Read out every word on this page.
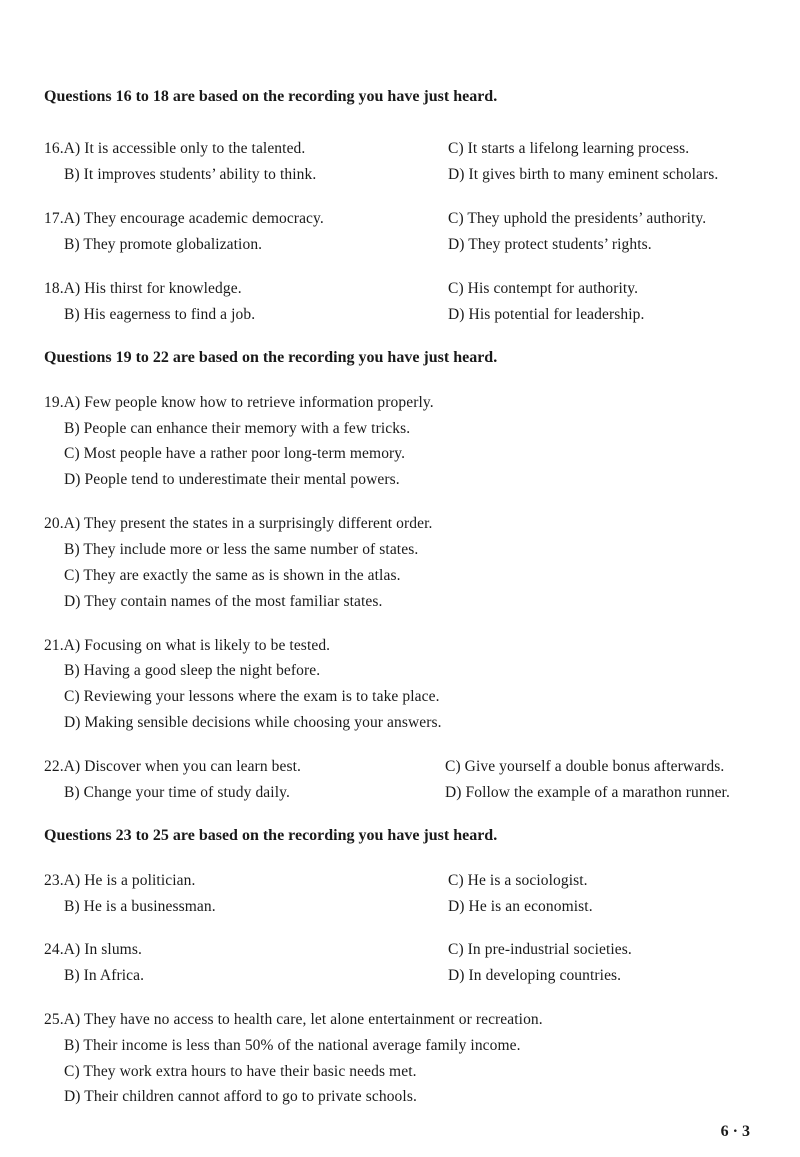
Questions 16 to 18 are based on the recording you have just heard.
16.A) It is accessible only to the talented.	C) It starts a lifelong learning process.
B) It improves students’ ability to think.	D) It gives birth to many eminent scholars.
17.A) They encourage academic democracy.	C) They uphold the presidents’ authority.
B) They promote globalization.	D) They protect students’ rights.
18.A) His thirst for knowledge.	C) His contempt for authority.
B) His eagerness to find a job.	D) His potential for leadership.
Questions 19 to 22 are based on the recording you have just heard.
19.A) Few people know how to retrieve information properly.
B) People can enhance their memory with a few tricks.
C) Most people have a rather poor long-term memory.
D) People tend to underestimate their mental powers.
20.A) They present the states in a surprisingly different order.
B) They include more or less the same number of states.
C) They are exactly the same as is shown in the atlas.
D) They contain names of the most familiar states.
21.A) Focusing on what is likely to be tested.
B) Having a good sleep the night before.
C) Reviewing your lessons where the exam is to take place.
D) Making sensible decisions while choosing your answers.
22.A) Discover when you can learn best.	C) Give yourself a double bonus afterwards.
B) Change your time of study daily.	D) Follow the example of a marathon runner.
Questions 23 to 25 are based on the recording you have just heard.
23.A) He is a politician.	C) He is a sociologist.
B) He is a businessman.	D) He is an economist.
24.A) In slums.	C) In pre-industrial societies.
B) In Africa.	D) In developing countries.
25.A) They have no access to health care, let alone entertainment or recreation.
B) Their income is less than 50% of the national average family income.
C) They work extra hours to have their basic needs met.
D) Their children cannot afford to go to private schools.
6 · 3
